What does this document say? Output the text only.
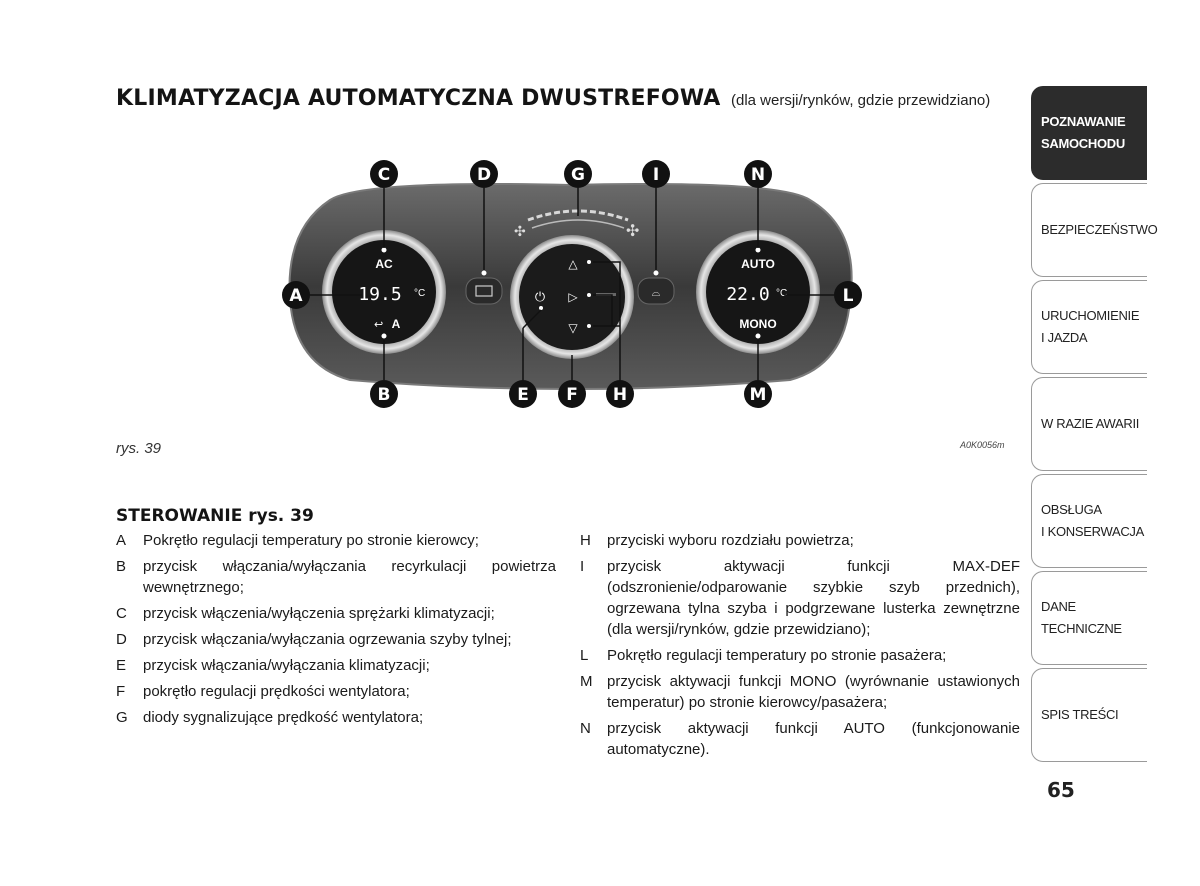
KLIMATYZACJA AUTOMATYCZNA DWUSTREFOWA (dla wersji/rynków, gdzie przewidziano)
✣	✣
AC
19.5 °C
↩ A
⏻
△
▷
▽
⌓
AUTO
22.0 °C
MONO
C	D	G	I	N
A	L
B	E F H	M
rys. 39	A0K0056m
STEROWANIE rys. 39
A	Pokrętło regulacji temperatury po stronie kierowcy;
B	przycisk włączania/wyłączania recyrkulacji powietrza wewnętrznego;
C	przycisk włączenia/wyłączenia sprężarki klimatyzacji;
D	przycisk włączania/wyłączania ogrzewania szyby tylnej;
E	przycisk włączania/wyłączania klimatyzacji;
F	pokrętło regulacji prędkości wentylatora;
G	diody sygnalizujące prędkość wentylatora;
H	przyciski wyboru rozdziału powietrza;
I	przycisk aktywacji funkcji MAX-DEF (odszronienie/odparowanie szybkie szyb przednich), ogrzewana tylna szyba i podgrzewane lusterka zewnętrzne (dla wersji/rynków, gdzie przewidziano);
L	Pokrętło regulacji temperatury po stronie pasażera;
M przycisk aktywacji funkcji MONO (wyrównanie ustawionych temperatur) po stronie kierowcy/pasażera;
N	przycisk aktywacji funkcji AUTO (funkcjonowanie automatyczne).
POZNAWANIE
SAMOCHODU
BEZPIECZEŃSTWO
URUCHOMIENIE
I JAZDA
W RAZIE AWARII
OBSŁUGA
I KONSERWACJA
DANE
TECHNICZNE
SPIS TREŚCI
65
